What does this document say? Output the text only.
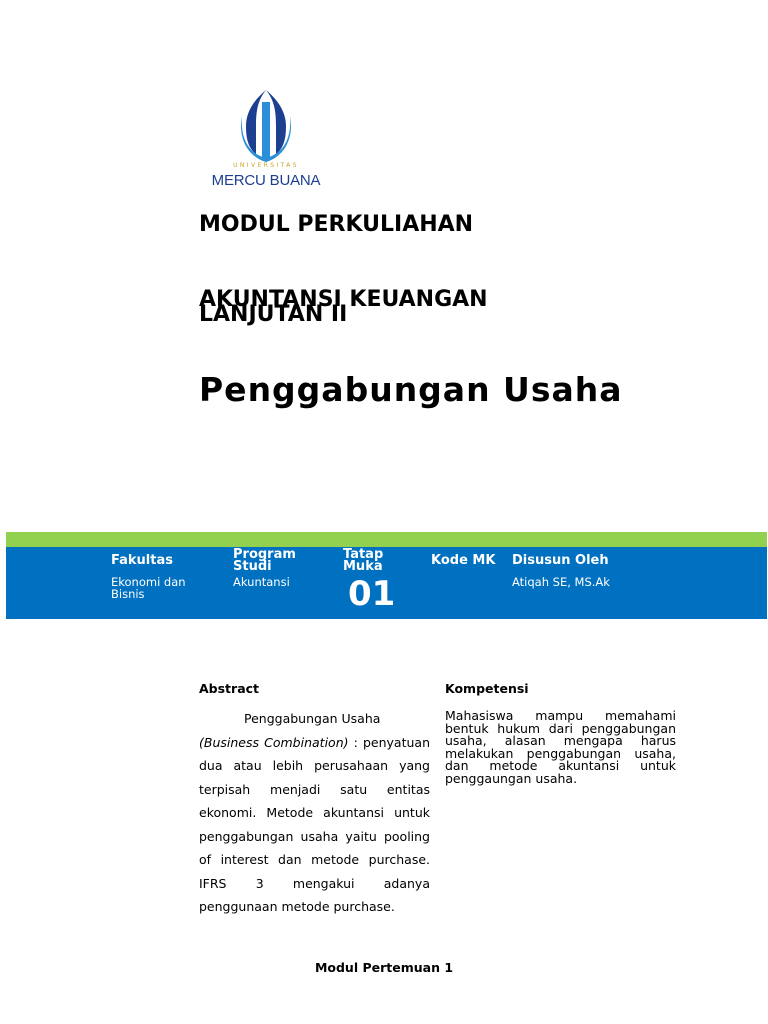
UNIVERSITAS
MERCU BUANA
MODUL PERKULIAHAN
AKUNTANSI KEUANGAN LANJUTAN II
Penggabungan Usaha
Fakultas
Ekonomi dan Bisnis
Program Studi
Akuntansi
Tatap Muka
01
Kode MK Disusun Oleh
Atiqah SE, MS.Ak
Abstract

Penggabungan Usaha
(Business Combination) : penyatuan dua atau lebih perusahaan yang terpisah menjadi satu entitas ekonomi. Metode akuntansi untuk penggabungan usaha yaitu pooling of interest dan metode purchase. IFRS 3 mengakui adanya penggunaan metode purchase.

Kompetensi
Mahasiswa mampu memahami bentuk hukum dari penggabungan usaha, alasan mengapa harus melakukan penggabungan usaha, dan metode akuntansi untuk penggaungan usaha.
Modul Pertemuan 1
